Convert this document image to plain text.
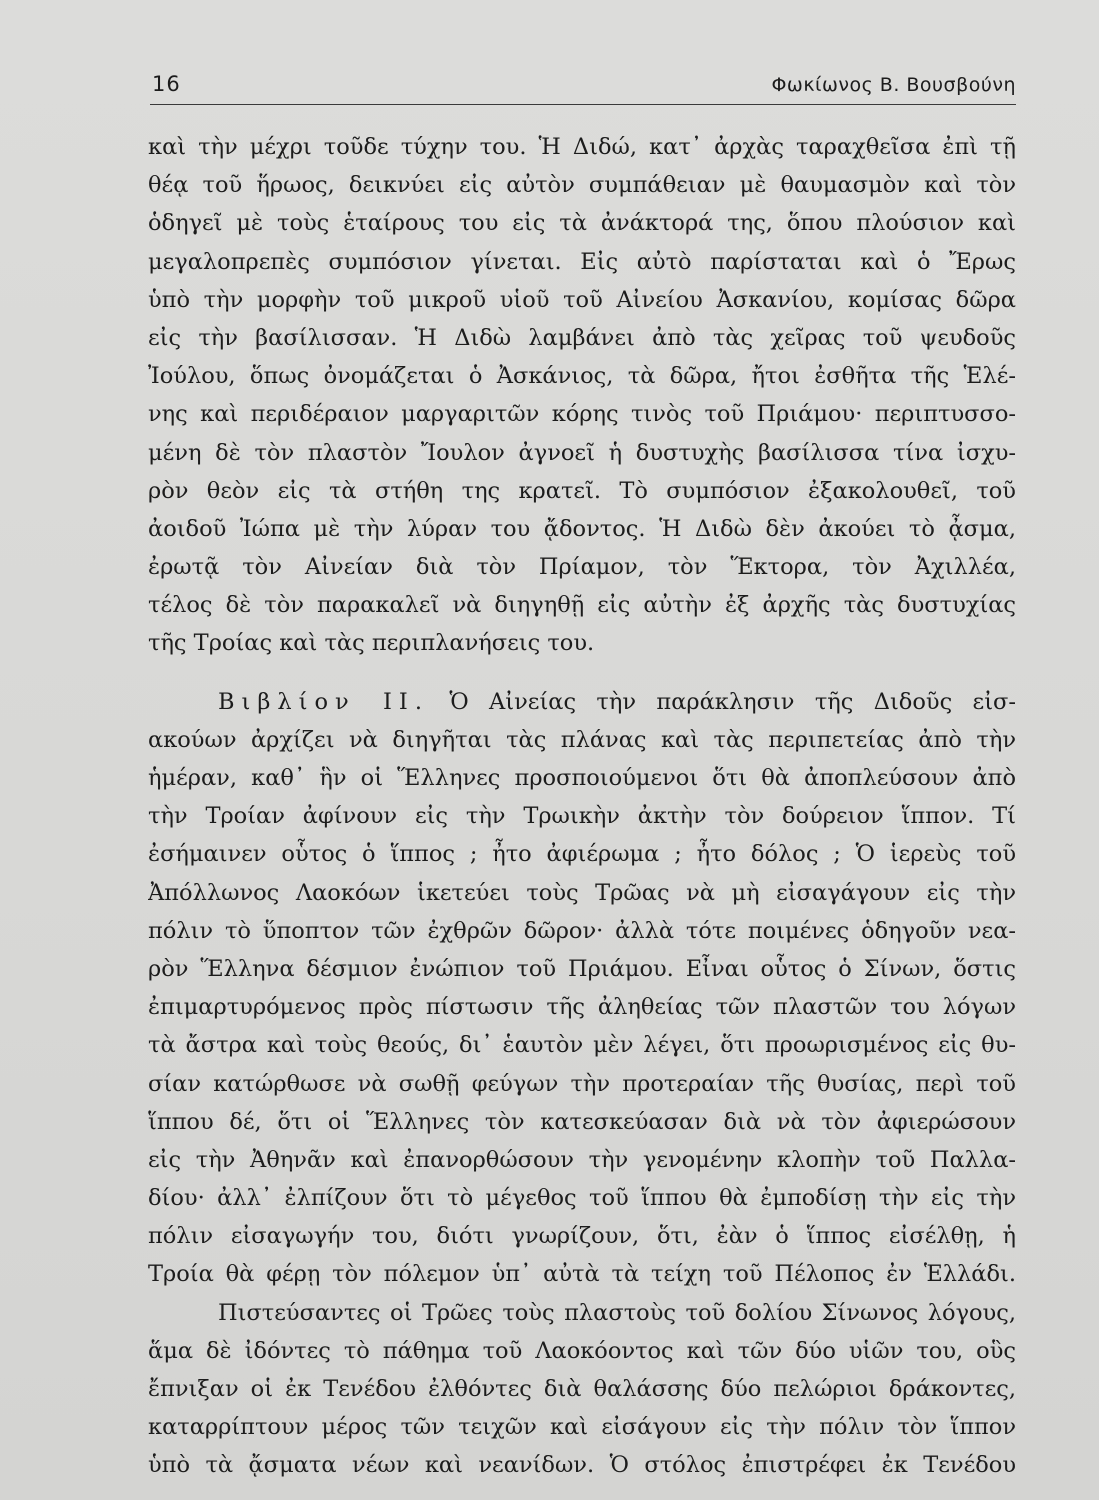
16	Φωκίωνος Β. Βουσβούνη
καὶ τὴν μέχρι τοῦδε τύχην του. Ἡ Διδώ, κατ᾽ ἀρχὰς ταραχθεῖσα ἐπὶ τῇ
θέᾳ τοῦ ἥρωος, δεικνύει εἰς αὐτὸν συμπάθειαν μὲ θαυμασμὸν καὶ τὸν
ὁδηγεῖ μὲ τοὺς ἑταίρους του εἰς τὰ ἀνάκτορά της, ὅπου πλούσιον καὶ
μεγαλοπρεπὲς συμπόσιον γίνεται. Εἰς αὐτὸ παρίσταται καὶ ὁ Ἔρως
ὑπὸ τὴν μορφὴν τοῦ μικροῦ υἱοῦ τοῦ Αἰνείου Ἀσκανίου, κομίσας δῶρα
εἰς τὴν βασίλισσαν. Ἡ Διδὼ λαμβάνει ἀπὸ τὰς χεῖρας τοῦ ψευδοῦς
Ἰούλου, ὅπως ὀνομάζεται ὁ Ἀσκάνιος, τὰ δῶρα, ἤτοι ἐσθῆτα τῆς Ἑλέ-
νης καὶ περιδέραιον μαργαριτῶν κόρης τινὸς τοῦ Πριάμου· περιπτυσσο-
μένη δὲ τὸν πλαστὸν Ἴουλον ἀγνοεῖ ἡ δυστυχὴς βασίλισσα τίνα ἰσχυ-
ρὸν θεὸν εἰς τὰ στήθη της κρατεῖ. Τὸ συμπόσιον ἐξακολουθεῖ, τοῦ
ἀοιδοῦ Ἰώπα μὲ τὴν λύραν του ᾄδοντος. Ἡ Διδὼ δὲν ἀκούει τὸ ᾆσμα,
ἐρωτᾷ τὸν Αἰνείαν διὰ τὸν Πρίαμον, τὸν Ἕκτορα, τὸν Ἀχιλλέα,
τέλος δὲ τὸν παρακαλεῖ νὰ διηγηθῇ εἰς αὐτὴν ἐξ ἀρχῆς τὰς δυστυχίας
τῆς Τροίας καὶ τὰς περιπλανήσεις του.
Βιβλίον ΙΙ. Ὁ Αἰνείας τὴν παράκλησιν τῆς Διδοῦς εἰσ-
ακούων ἀρχίζει νὰ διηγῆται τὰς πλάνας καὶ τὰς περιπετείας ἀπὸ τὴν
ἡμέραν, καθ᾽ ἣν οἱ Ἕλληνες προσποιούμενοι ὅτι θὰ ἀποπλεύσουν ἀπὸ
τὴν Τροίαν ἀφίνουν εἰς τὴν Τρωικὴν ἀκτὴν τὸν δούρειον ἵππον. Τί
ἐσήμαινεν οὗτος ὁ ἵππος ; ἦτο ἀφιέρωμα ; ἦτο δόλος ; Ὁ ἱερεὺς τοῦ
Ἀπόλλωνος Λαοκόων ἱκετεύει τοὺς Τρῶας νὰ μὴ εἰσαγάγουν εἰς τὴν
πόλιν τὸ ὕποπτον τῶν ἐχθρῶν δῶρον· ἀλλὰ τότε ποιμένες ὁδηγοῦν νεα-
ρὸν Ἕλληνα δέσμιον ἐνώπιον τοῦ Πριάμου. Εἶναι οὗτος ὁ Σίνων, ὅστις
ἐπιμαρτυρόμενος πρὸς πίστωσιν τῆς ἀληθείας τῶν πλαστῶν του λόγων
τὰ ἄστρα καὶ τοὺς θεούς, δι᾽ ἑαυτὸν μὲν λέγει, ὅτι προωρισμένος εἰς θυ-
σίαν κατώρθωσε νὰ σωθῇ φεύγων τὴν προτεραίαν τῆς θυσίας, περὶ τοῦ
ἵππου δέ, ὅτι οἱ Ἕλληνες τὸν κατεσκεύασαν διὰ νὰ τὸν ἀφιερώσουν
εἰς τὴν Ἀθηνᾶν καὶ ἐπανορθώσουν τὴν γενομένην κλοπὴν τοῦ Παλλα-
δίου· ἀλλ᾽ ἐλπίζουν ὅτι τὸ μέγεθος τοῦ ἵππου θὰ ἐμποδίσῃ τὴν εἰς τὴν
πόλιν εἰσαγωγήν του, διότι γνωρίζουν, ὅτι, ἐὰν ὁ ἵππος εἰσέλθῃ, ἡ
Τροία θὰ φέρῃ τὸν πόλεμον ὑπ᾽ αὐτὰ τὰ τείχη τοῦ Πέλοπος ἐν Ἑλλάδι.
Πιστεύσαντες οἱ Τρῶες τοὺς πλαστοὺς τοῦ δολίου Σίνωνος λόγους,
ἅμα δὲ ἰδόντες τὸ πάθημα τοῦ Λαοκόοντος καὶ τῶν δύο υἱῶν του, οὓς
ἔπνιξαν οἱ ἐκ Τενέδου ἐλθόντες διὰ θαλάσσης δύο πελώριοι δράκοντες,
καταρρίπτουν μέρος τῶν τειχῶν καὶ εἰσάγουν εἰς τὴν πόλιν τὸν ἵππον
ὑπὸ τὰ ᾄσματα νέων καὶ νεανίδων. Ὁ στόλος ἐπιστρέφει ἐκ Τενέδου
